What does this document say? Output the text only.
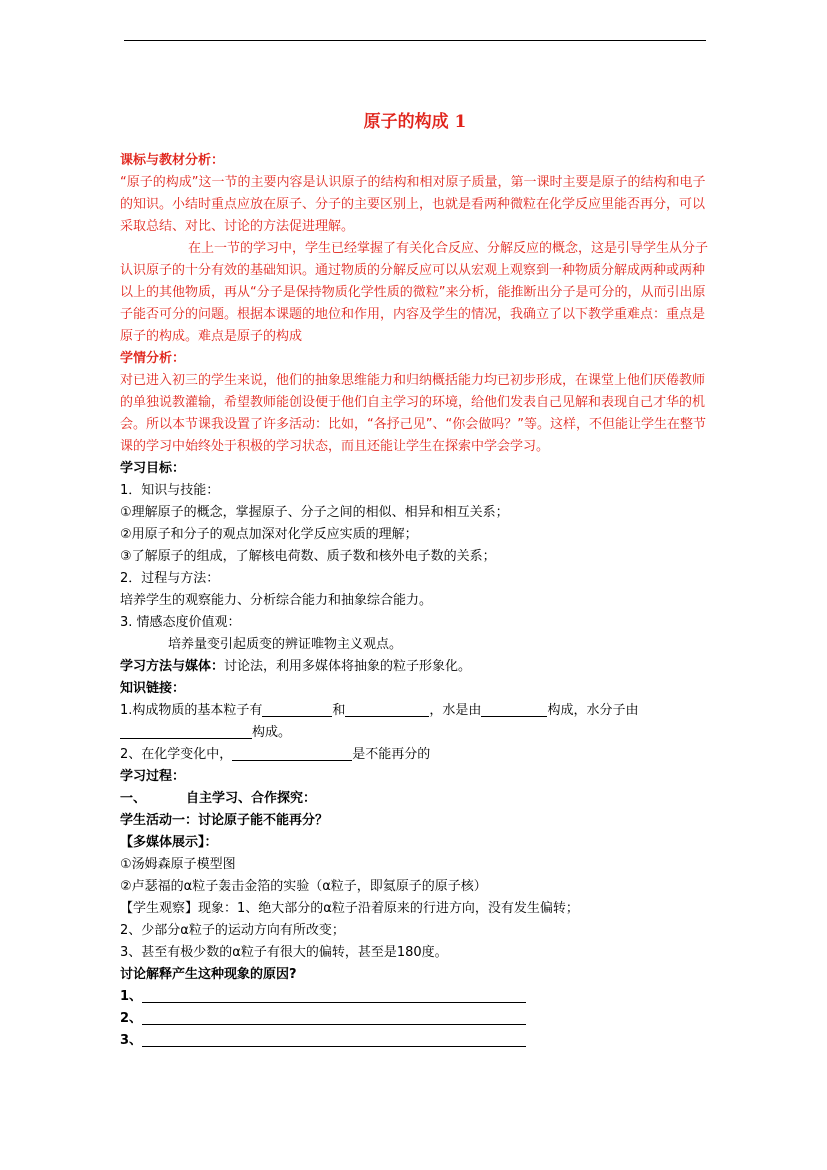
原子的构成 1

课标与教材分析：

“原子的构成”这一节的主要内容是认识原子的结构和相对原子质量，第一课时主要是原子的结构和电子的知识。小结时重点应放在原子、分子的主要区别上，也就是看两种微粒在化学反应里能否再分，可以采取总结、对比、讨论的方法促进理解。

在上一节的学习中，学生已经掌握了有关化合反应、分解反应的概念，这是引导学生从分子认识原子的十分有效的基础知识。通过物质的分解反应可以从宏观上观察到一种物质分解成两种或两种以上的其他物质，再从“分子是保持物质化学性质的微粒”来分析，能推断出分子是可分的，从而引出原子能否可分的问题。根据本课题的地位和作用，内容及学生的情况，我确立了以下教学重难点：重点是原子的构成。难点是原子的构成

学情分析：

对已进入初三的学生来说，他们的抽象思维能力和归纳概括能力均已初步形成，在课堂上他们厌倦教师的单独说教灌输，希望教师能创设便于他们自主学习的环境，给他们发表自己见解和表现自己才华的机会。所以本节课我设置了许多活动：比如，“各抒己见”、“你会做吗？”等。这样，不但能让学生在整节课的学习中始终处于积极的学习状态，而且还能让学生在探索中学会学习。

学习目标：

1．知识与技能：

①理解原子的概念，掌握原子、分子之间的相似、相异和相互关系；

②用原子和分子的观点加深对化学反应实质的理解；

③了解原子的组成，了解核电荷数、质子数和核外电子数的关系；

2．过程与方法：

培养学生的观察能力、分析综合能力和抽象综合能力。

3. 情感态度价值观：

培养量变引起质变的辨证唯物主义观点。

学习方法与媒体：讨论法，利用多媒体将抽象的粒子形象化。

知识链接：

1.构成物质的基本粒子有	和	，水是由	构成，水分子由

构成。

2、在化学变化中，	是不能再分的

学习过程：

一、	自主学习、合作探究：

学生活动一：讨论原子能不能再分？

【多媒体展示】：

①汤姆森原子模型图

②卢瑟福的α粒子轰击金箔的实验（α粒子，即氦原子的原子核）

【学生观察】现象：1、绝大部分的α粒子沿着原来的行进方向，没有发生偏转；

2、少部分α粒子的运动方向有所改变；

3、甚至有极少数的α粒子有很大的偏转，甚至是180度。

讨论解释产生这种现象的原因?

1、

2、

3、
